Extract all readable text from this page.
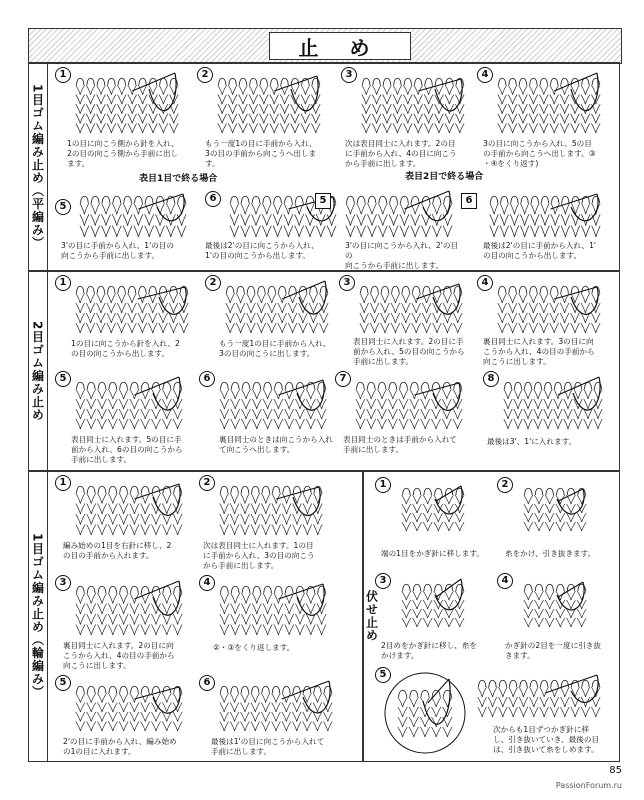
止 め
1目ゴム編み止め（平編み）
1
1の目に向こう側から針を入れ、
2の目の向こう側から手前に出し
ます。
2
もう一度1の目に手前から入れ、
3の目の手前から向こうへ出しま
す。
3
次は表目同士に入れます。2の目
に手前から入れ、4の目に向こう
から手前に出します。
4
3の目に向こうから入れ、5の目
の手前から向こうへ出します。③
・④をくり返す)
表目1目で終る場合	表目2目で終る場合
5
3'の目に手前から入れ、1'の目の
向こうから手前に出します。
6
最後は2'の目に向こうから入れ、
1'の目の向こうから出します。
5
3'の目に向こうから入れ、2'の目の
向こうから手前に出します。
6
最後は2'の目に手前から入れ、1'
の目の向こうから出します。
2目ゴム編み止め
1
1の目に向こうから針を入れ、2
の目の向こうから出します。
2
もう一度1の目に手前から入れ、
3の目の向こうに出します。
3
表目同士に入れます。2の目に手
前から入れ、5の目の向こうから
手前に出します。
4
裏目同士に入れます。3の目に向
こうから入れ、4の目の手前から
向こうに出します。
5
表目同士に入れます。5の目に手
前から入れ、6の目の向こうから
手前に出します。
6
裏目同士のときは向こうから入れ
て向こうへ出します。
7
表目同士のときは手前から入れて
手前に出します。
8
最後は3'、1'に入れます。
1目ゴム編み止め（輪編み）
1
編み始めの1目を右針に移し、2
の目の手前から入れます。
2
次は表目同士に入れます。1の目
に手前から入れ、3の目の向こう
から手前に出します。
3
裏目同士に入れます。2の目に向
こうから入れ、4の目の手前から
向こうに出します。
4
②・③をくり返します。
5
2'の目に手前から入れ、編み始め
の1の目に入れます。
6
最後は1'の目に向こうから入れて
手前に出します。
伏せ止め
1
端の1目をかぎ針に移します。
2
糸をかけ、引き抜きます。
3
2目めをかぎ針に移し、糸を
かけます。
4
かぎ針の2目を一度に引き抜
きます。
5
次からも1目ずつかぎ針に移
し、引き抜いていき、最後の目
は、引き抜いて糸をしめます。
85
PassionForum.ru
